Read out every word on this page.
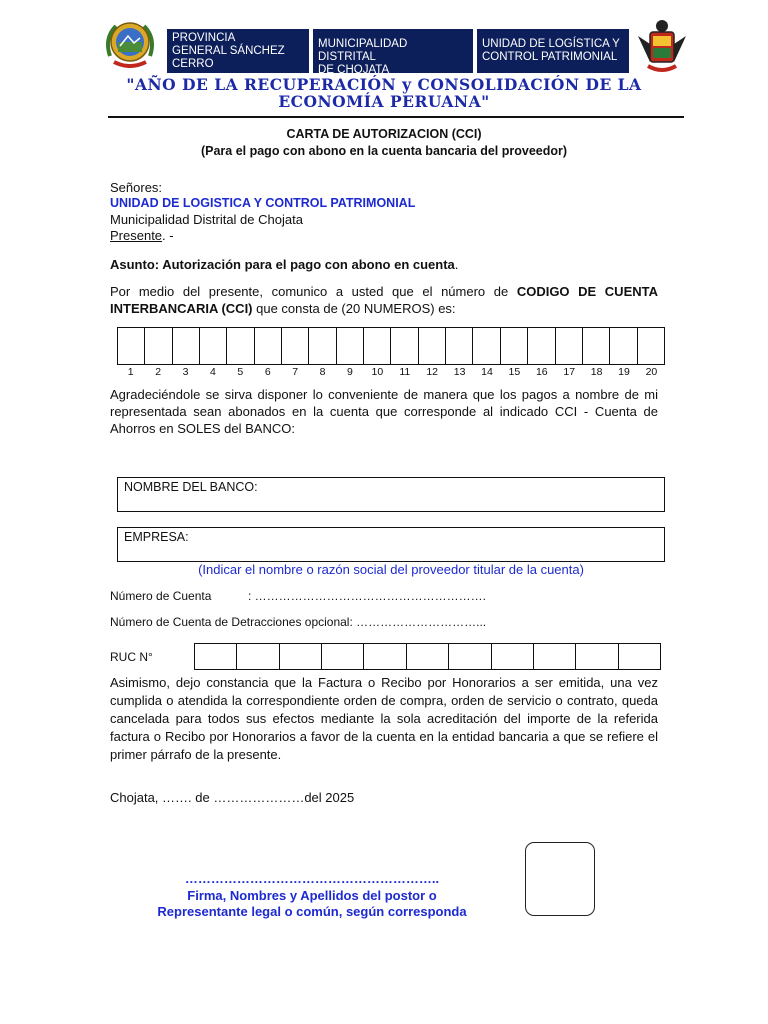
PROVINCIA
GENERAL SÁNCHEZ
CERRO
MUNICIPALIDAD DISTRITAL
DE CHOJATA
UNIDAD DE LOGÍSTICA Y
CONTROL PATRIMONIAL
"AÑO DE LA RECUPERACIÓN y CONSOLIDACIÓN DE LA
ECONOMÍA PERUANA"
CARTA DE AUTORIZACION (CCI)
(Para el pago con abono en la cuenta bancaria del proveedor)
Señores:
UNIDAD DE LOGISTICA Y CONTROL PATRIMONIAL
Municipalidad Distrital de Chojata
Presente. -
Asunto: Autorización para el pago con abono en cuenta.
Por medio del presente, comunico a usted que el número de CODIGO DE CUENTA INTERBANCARIA (CCI) que consta de (20 NUMEROS) es:
1	2	3	4	5	6	7	8	9	10	11	12	13	14	15	16	17	18	19	20
Agradeciéndole se sirva disponer lo conveniente de manera que los pagos a nombre de mi representada sean abonados en la cuenta que corresponde al indicado CCI - Cuenta de Ahorros en SOLES del BANCO:
NOMBRE DEL BANCO:
EMPRESA:
(Indicar el nombre o razón social del proveedor titular de la cuenta)
Número de Cuenta	: ………………………………………………….
Número de Cuenta de Detracciones opcional: …………………………...
RUC N°
Asimismo, dejo constancia que la Factura o Recibo por Honorarios a ser emitida, una vez cumplida o atendida la correspondiente orden de compra, orden de servicio o contrato, queda cancelada para todos sus efectos mediante la sola acreditación del importe de la referida factura o Recibo por Honorarios a favor de la cuenta en la entidad bancaria a que se refiere el primer párrafo de la presente.
Chojata, ……. de …………………del 2025
…………………………………………………..
Firma, Nombres y Apellidos del postor o
Representante legal o común, según corresponda
